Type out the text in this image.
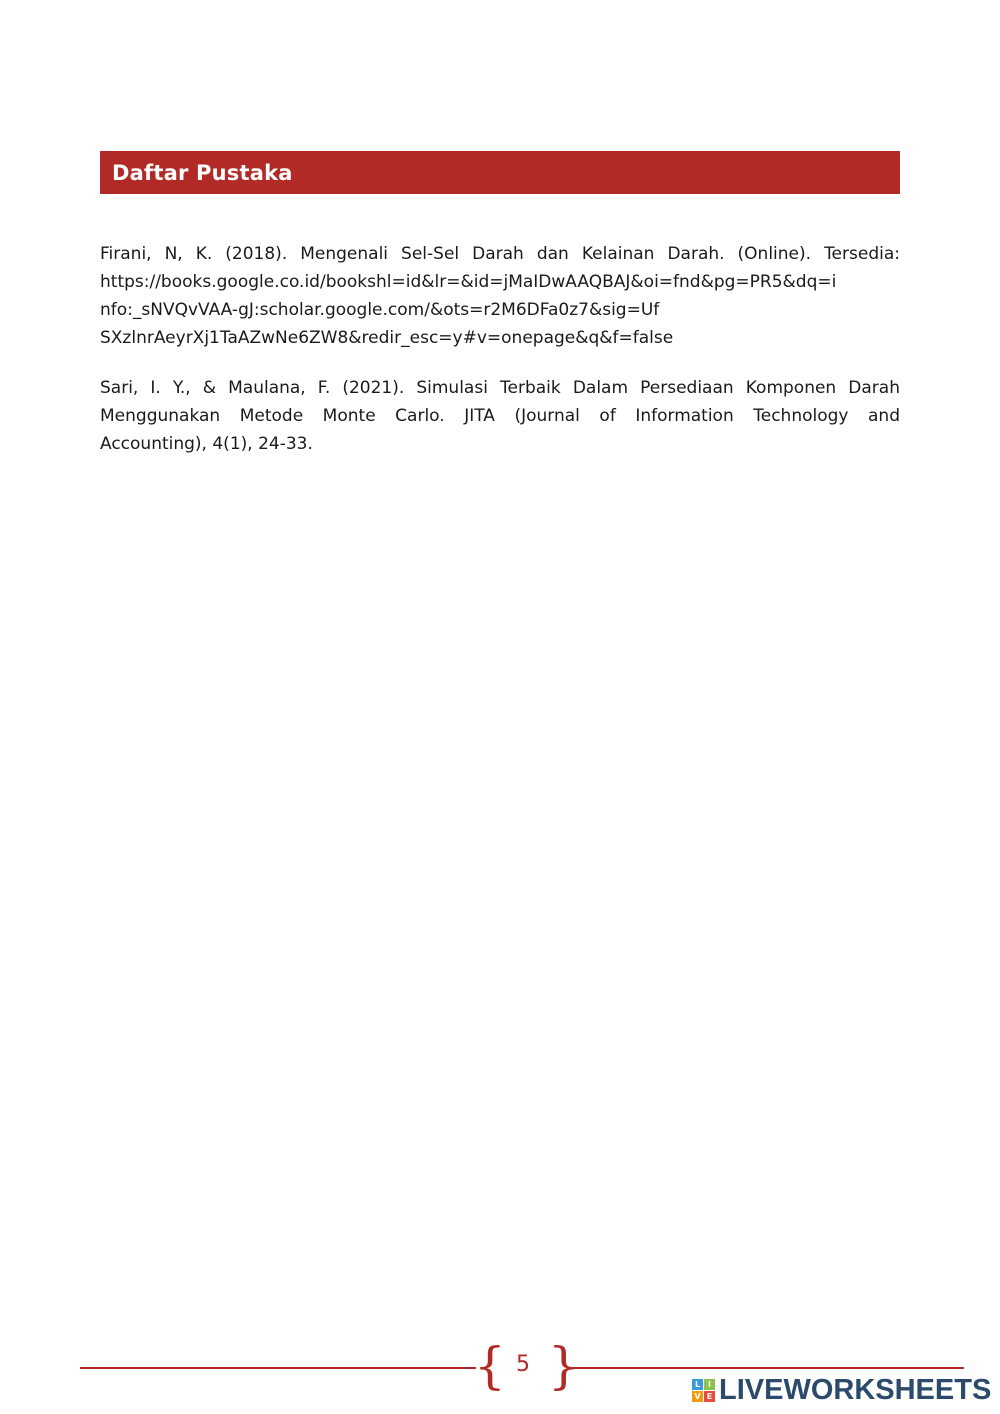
Daftar Pustaka

Firani, N, K. (2018). Mengenali Sel-Sel Darah dan Kelainan Darah. (Online). Tersedia:
https://books.google.co.id/bookshl=id&lr=&id=jMaIDwAAQBAJ&oi=fnd&pg=PR5&dq=i
nfo:_sNVQvVAA-gJ:scholar.google.com/&ots=r2M6DFa0z7&sig=Uf
SXzlnrAeyrXj1TaAZwNe6ZW8&redir_esc=y#v=onepage&q&f=false

Sari, I. Y., & Maulana, F. (2021). Simulasi Terbaik Dalam Persediaan Komponen Darah
Menggunakan Metode Monte Carlo. JITA (Journal of Information Technology and
Accounting), 4(1), 24-33.

{ 5 }	L I
V E LIVEWORKSHEETS
